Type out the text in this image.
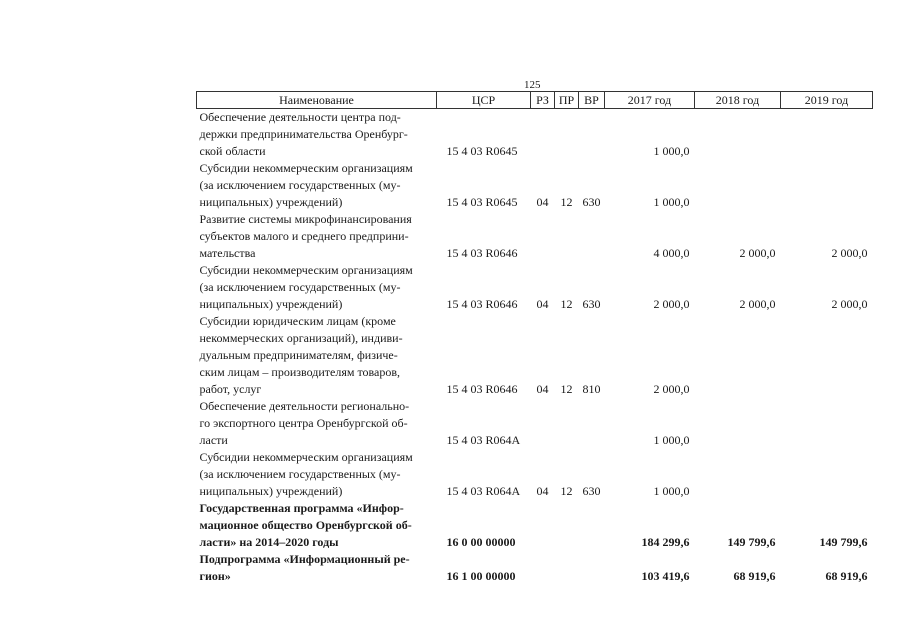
125
Наименование	ЦСР	РЗ	ПР	ВР	2017 год	2018 год	2019 год

Обеспечение деятельности центра под-
держки предпринимательства Оренбург-
ской области	15 4 03 R0645				1 000,0		

Субсидии некоммерческим организациям
(за исключением государственных (му-
ниципальных) учреждений)	15 4 03 R0645	04	12	630	1 000,0		

Развитие системы микрофинансирования
субъектов малого и среднего предприни-
мательства	15 4 03 R0646				4 000,0	2 000,0	2 000,0

Субсидии некоммерческим организациям
(за исключением государственных (му-
ниципальных) учреждений)	15 4 03 R0646	04	12	630	2 000,0	2 000,0	2 000,0

Субсидии юридическим лицам (кроме
некоммерческих организаций), индиви-
дуальным предпринимателям, физиче-
ским лицам – производителям товаров,
работ, услуг	15 4 03 R0646	04	12	810	2 000,0		

Обеспечение деятельности регионально-
го экспортного центра Оренбургской об-
ласти	15 4 03 R064A				1 000,0		

Субсидии некоммерческим организациям
(за исключением государственных (му-
ниципальных) учреждений)	15 4 03 R064A	04	12	630	1 000,0		

Государственная программа «Инфор-
мационное общество Оренбургской об-
ласти» на 2014–2020 годы	16 0 00 00000				184 299,6	149 799,6	149 799,6

Подпрограмма «Информационный ре-
гион»	16 1 00 00000				103 419,6	68 919,6	68 919,6
